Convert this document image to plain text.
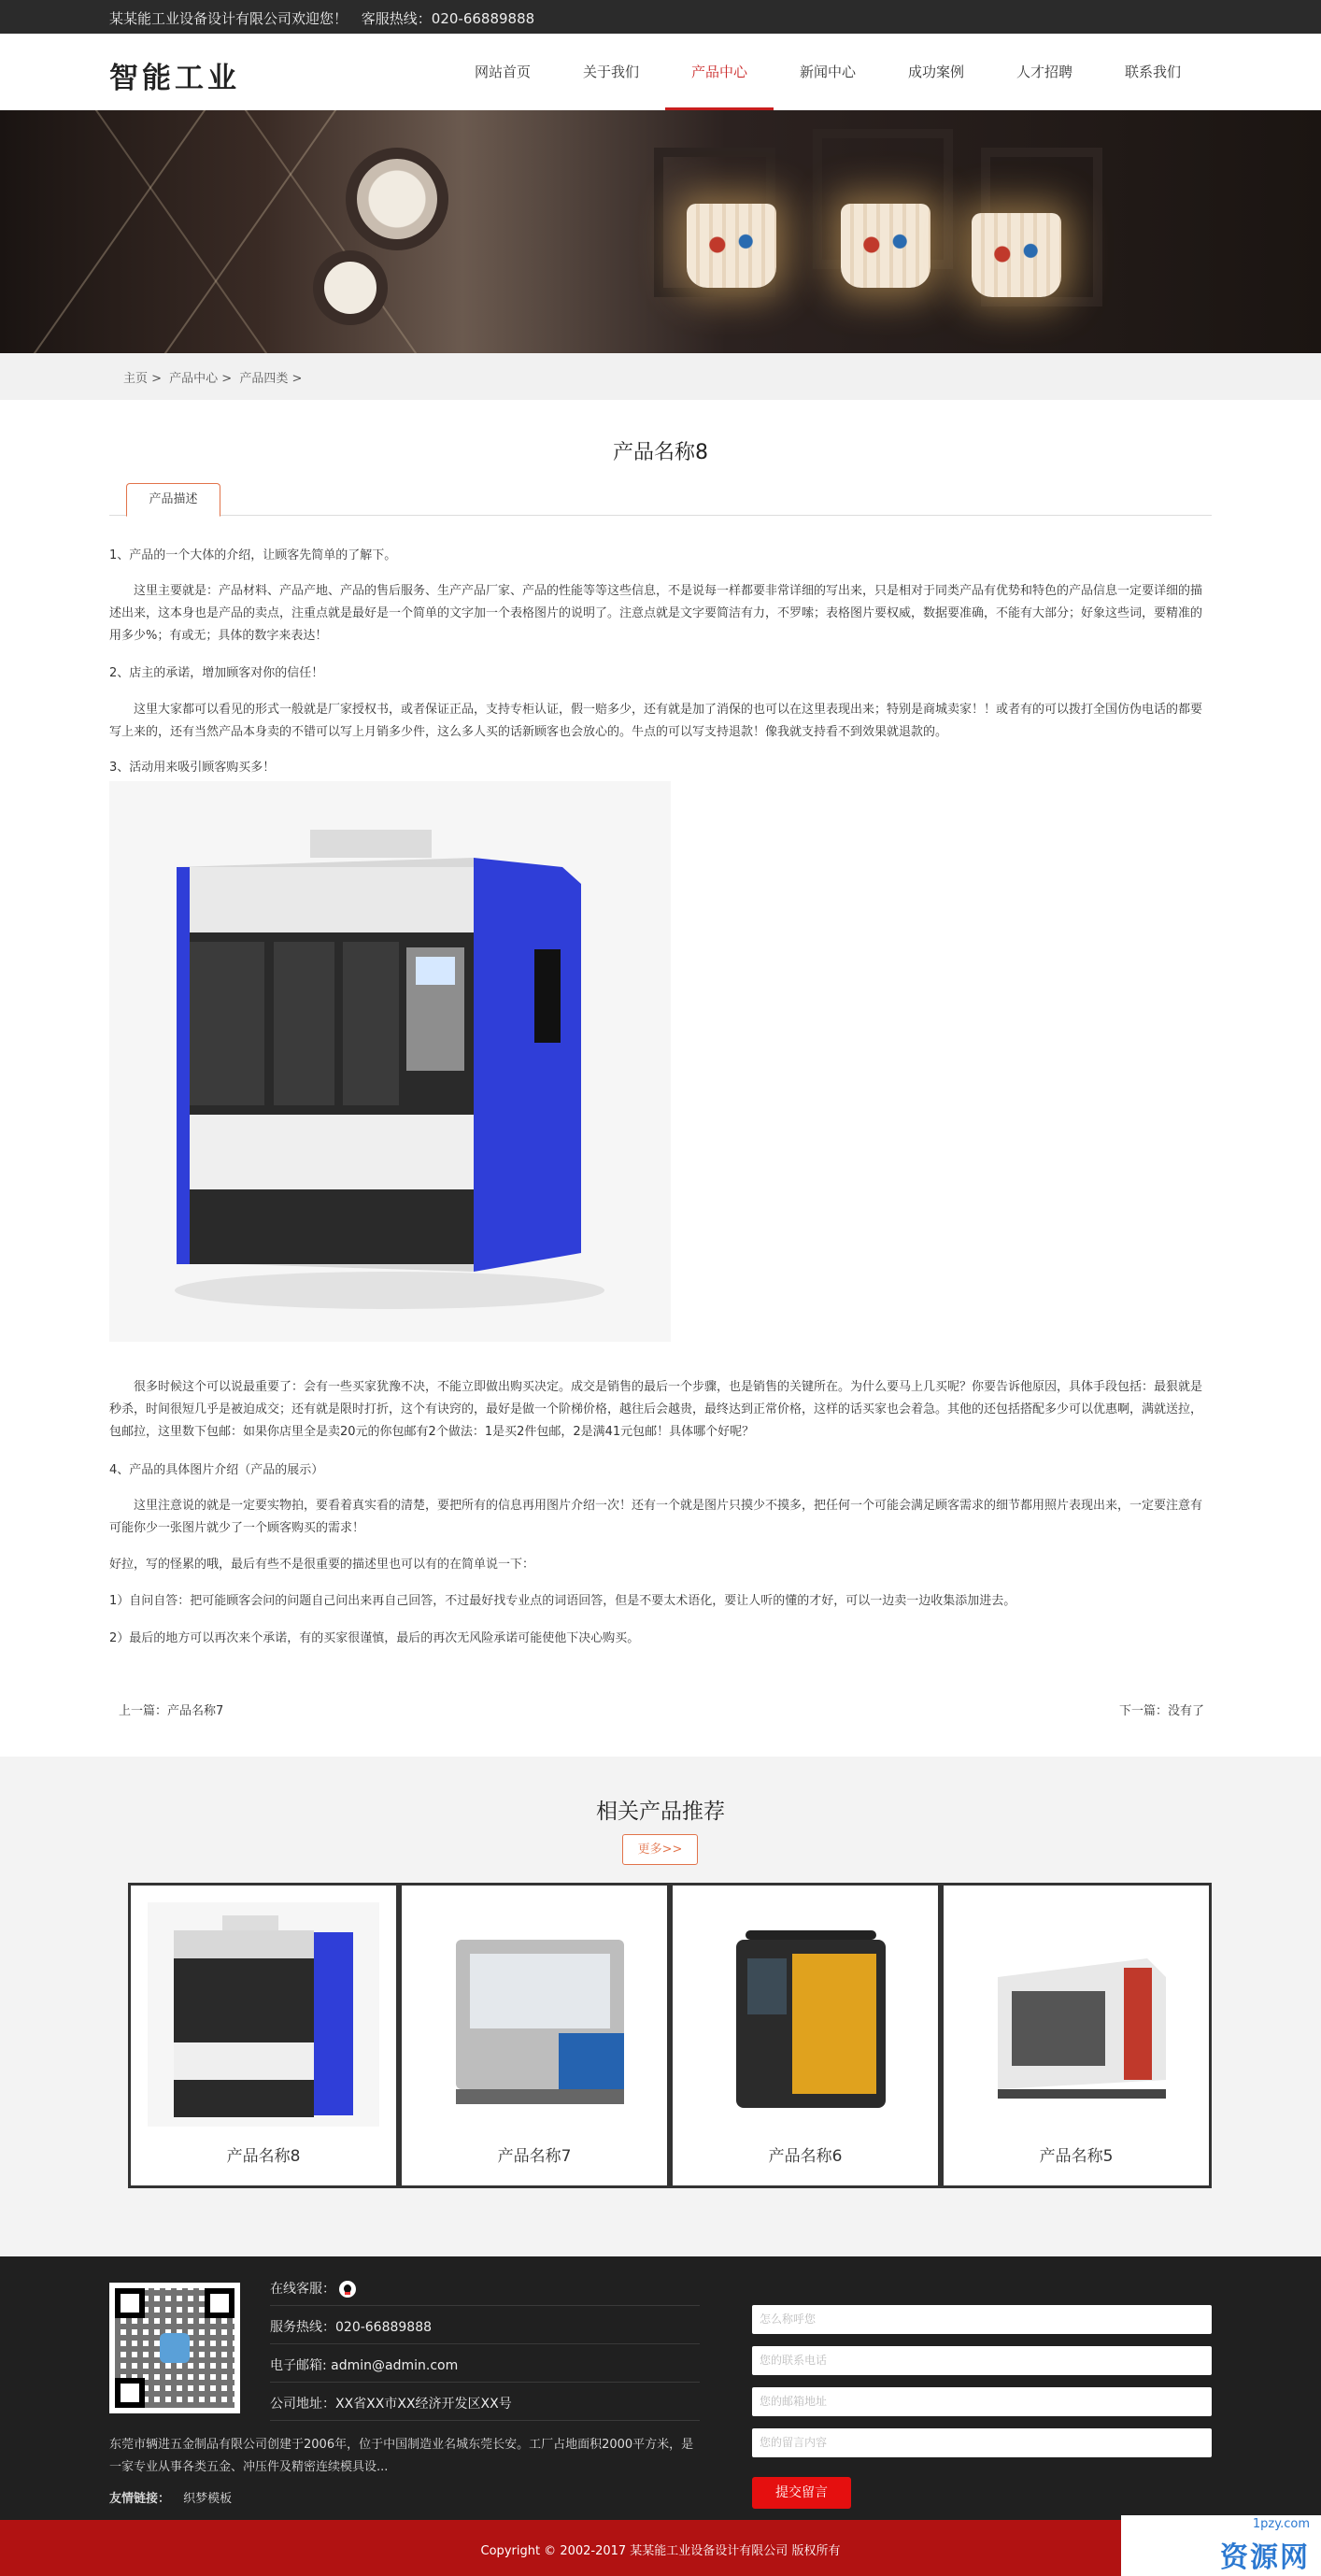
某某能工业设备设计有限公司欢迎您！ 客服热线：020-66889888
智能工业	网站首页	关于我们	产品中心	新闻中心	成功案例	人才招聘	联系我们
主页 > 产品中心 > 产品四类 >
产品名称8
产品描述
1、产品的一个大体的介绍，让顾客先简单的了解下。
这里主要就是：产品材料、产品产地、产品的售后服务、生产产品厂家、产品的性能等等这些信息，不是说每一样都要非常详细的写出来，只是相对于同类产品有优势和特色的产品信息一定要详细的描述出来，这本身也是产品的卖点，注重点就是最好是一个简单的文字加一个表格图片的说明了。注意点就是文字要简洁有力，不罗嗦；表格图片要权威，数据要准确，不能有大部分；好象这些词，要精准的用多少%；有或无；具体的数字来表达！
2、店主的承诺，增加顾客对你的信任！
这里大家都可以看见的形式一般就是厂家授权书，或者保证正品，支持专柜认证，假一赔多少，还有就是加了消保的也可以在这里表现出来；特别是商城卖家！！或者有的可以拨打全国仿伪电话的都要写上来的，还有当然产品本身卖的不错可以写上月销多少件，这么多人买的话新顾客也会放心的。牛点的可以写支持退款！像我就支持看不到效果就退款的。
3、活动用来吸引顾客购买多！
很多时候这个可以说最重要了：会有一些买家犹豫不决，不能立即做出购买决定。成交是销售的最后一个步骤，也是销售的关键所在。为什么要马上几买呢？你要告诉他原因，具体手段包括：最狠就是秒杀，时间很短几乎是被迫成交；还有就是限时打折，这个有诀窍的，最好是做一个阶梯价格，越往后会越贵，最终达到正常价格，这样的话买家也会着急。其他的还包括搭配多少可以优惠啊，满就送拉，包邮拉，这里数下包邮：如果你店里全是卖20元的你包邮有2个做法：1是买2件包邮，2是满41元包邮！具体哪个好呢？
4、产品的具体图片介绍（产品的展示）
这里注意说的就是一定要实物拍，要看着真实看的清楚，要把所有的信息再用图片介绍一次！还有一个就是图片只摸少不摸多，把任何一个可能会满足顾客需求的细节都用照片表现出来，一定要注意有可能你少一张图片就少了一个顾客购买的需求！
好拉，写的怪累的哦，最后有些不是很重要的描述里也可以有的在简单说一下：
1）自问自答：把可能顾客会问的问题自己问出来再自己回答，不过最好找专业点的词语回答，但是不要太术语化，要让人听的懂的才好，可以一边卖一边收集添加进去。
2）最后的地方可以再次来个承诺，有的买家很谨慎，最后的再次无风险承诺可能使他下决心购买。
上一篇：产品名称7	下一篇：没有了
相关产品推荐
更多>>
产品名称8	产品名称7	产品名称6	产品名称5
在线客服：
服务热线：020-66889888
电子邮箱: admin@admin.com
公司地址：XX省XX市XX经济开发区XX号
东莞市辆进五金制品有限公司创建于2006年，位于中国制造业名城东莞长安。工厂占地面积2000平方米，是一家专业从事各类五金、冲压件及精密连续模具设...
友情链接： 织梦模板
怎么称呼您
您的联系电话
您的邮箱地址
您的留言内容
提交留言
Copyright © 2002-2017 某某能工业设备设计有限公司 版权所有
1pzy.com
资源网
